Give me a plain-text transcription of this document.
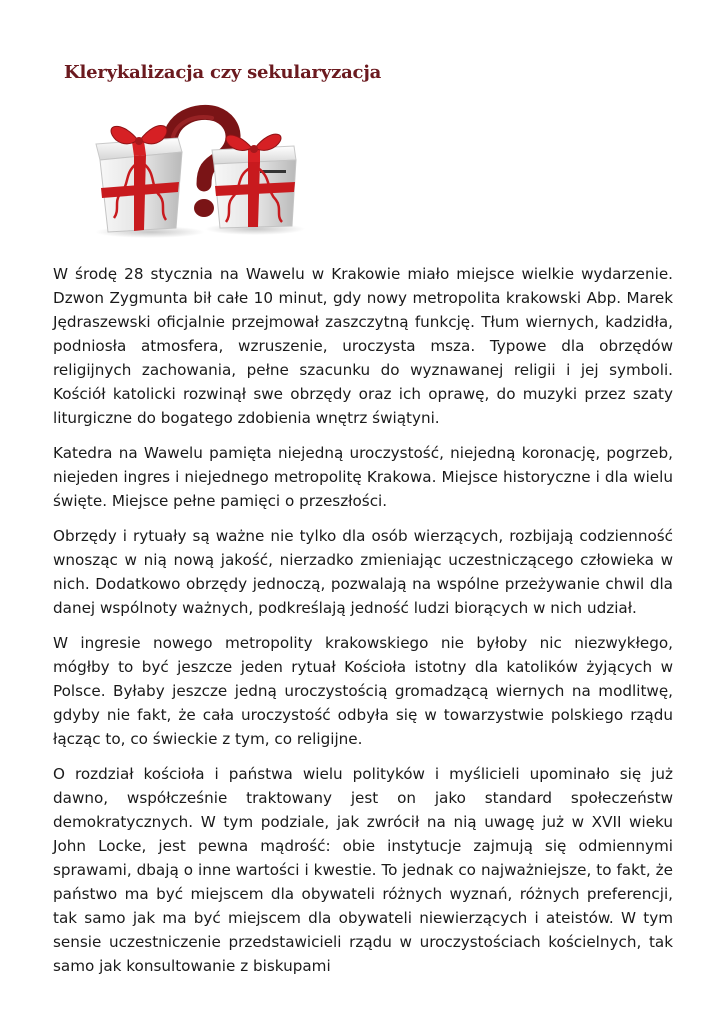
Klerykalizacja czy sekularyzacja

W środę 28 stycznia na Wawelu w Krakowie miało miejsce wielkie wydarzenie. Dzwon Zygmunta bił całe 10 minut, gdy nowy metropolita krakowski Abp. Marek Jędraszewski oficjalnie przejmował zaszczytną funkcję. Tłum wiernych, kadzidła, podniosła atmosfera, wzruszenie, uroczysta msza. Typowe dla obrzędów religijnych zachowania, pełne szacunku do wyznawanej religii i jej symboli. Kościół katolicki rozwinął swe obrzędy oraz ich oprawę, do muzyki przez szaty liturgiczne do bogatego zdobienia wnętrz świątyni.

Katedra na Wawelu pamięta niejedną uroczystość, niejedną koronację, pogrzeb, niejeden ingres i niejednego metropolitę Krakowa. Miejsce historyczne i dla wielu święte. Miejsce pełne pamięci o przeszłości.

Obrzędy i rytuały są ważne nie tylko dla osób wierzących, rozbijają codzienność wnosząc w nią nową jakość, nierzadko zmieniając uczestniczącego człowieka w nich. Dodatkowo obrzędy jednoczą, pozwalają na wspólne przeżywanie chwil dla danej wspólnoty ważnych, podkreślają jedność ludzi biorących w nich udział.

W ingresie nowego metropolity krakowskiego nie byłoby nic niezwykłego, mógłby to być jeszcze jeden rytuał Kościoła istotny dla katolików żyjących w Polsce. Byłaby jeszcze jedną uroczystością gromadzącą wiernych na modlitwę, gdyby nie fakt, że cała uroczystość odbyła się w towarzystwie polskiego rządu łącząc to, co świeckie z tym, co religijne.

O rozdział kościoła i państwa wielu polityków i myślicieli upominało się już dawno, współcześnie traktowany jest on jako standard społeczeństw demokratycznych. W tym podziale, jak zwrócił na nią uwagę już w XVII wieku John Locke, jest pewna mądrość: obie instytucje zajmują się odmiennymi sprawami, dbają o inne wartości i kwestie. To jednak co najważniejsze, to fakt, że państwo ma być miejscem dla obywateli różnych wyznań, różnych preferencji, tak samo jak ma być miejscem dla obywateli niewierzących i ateistów. W tym sensie uczestniczenie przedstawicieli rządu w uroczystościach kościelnych, tak samo jak konsultowanie z biskupami
